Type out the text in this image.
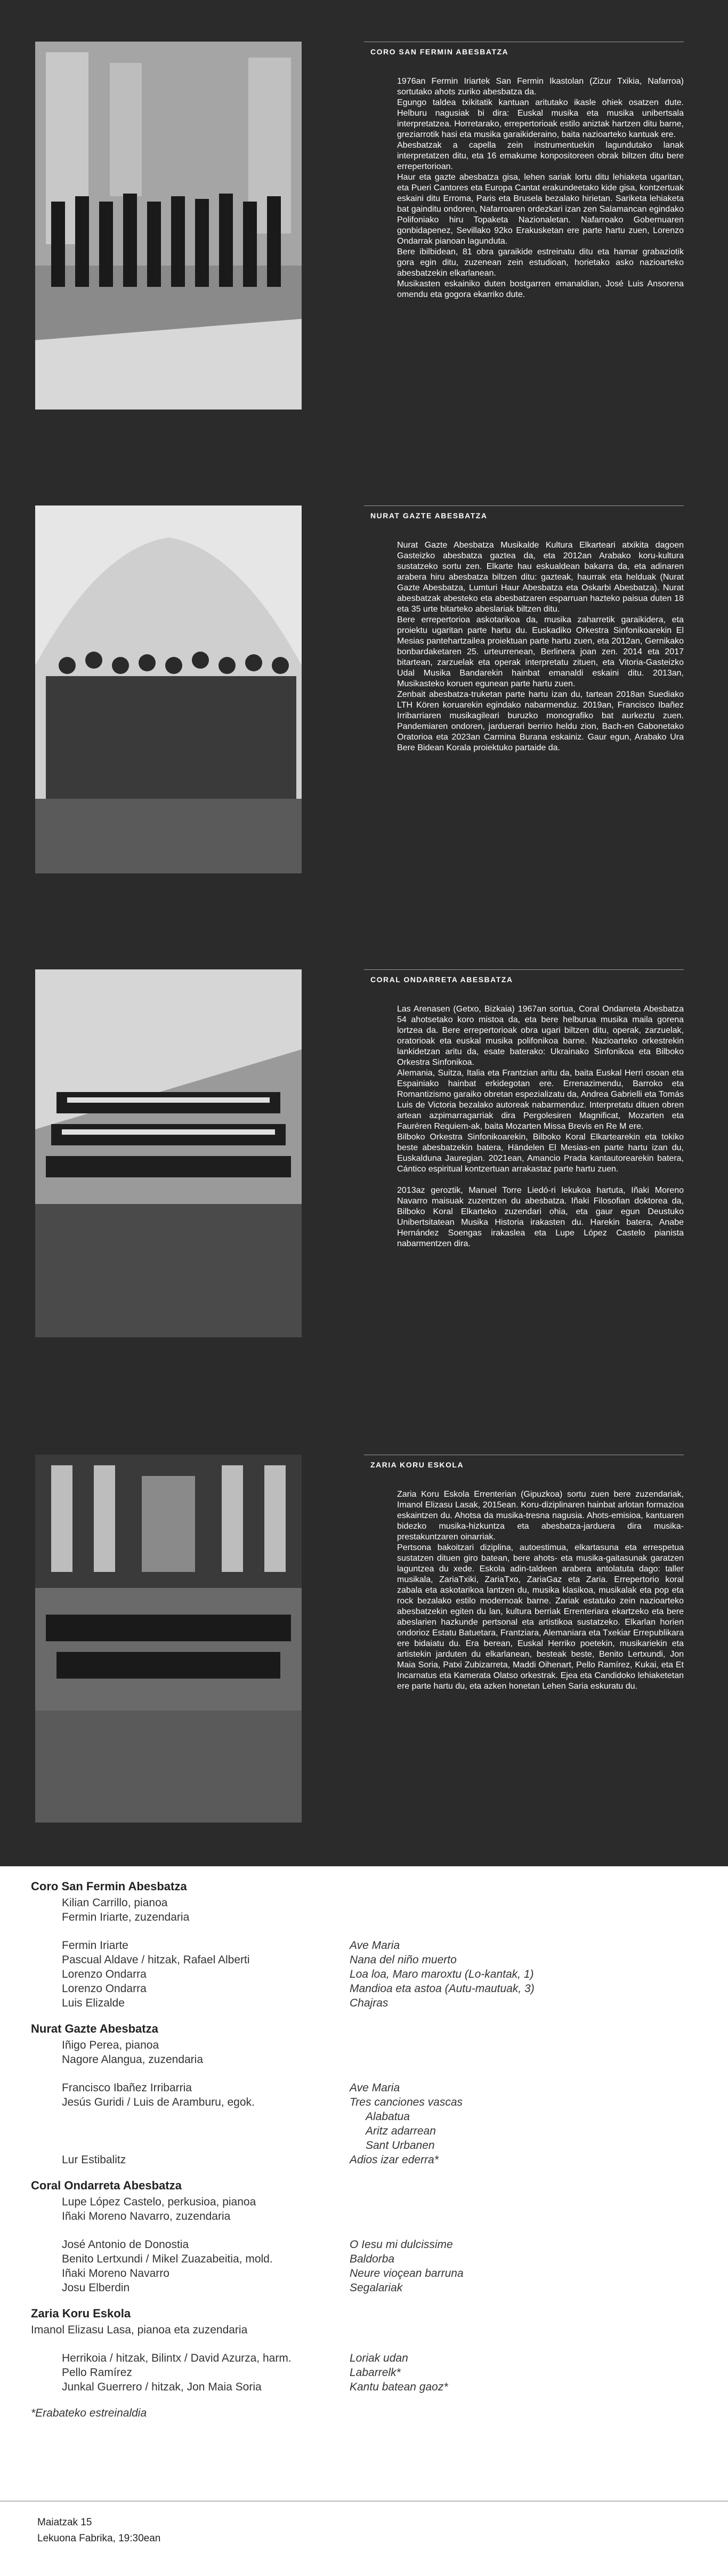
CORO SAN FERMIN ABESBATZA

1976an Fermin Iriartek San Fermin Ikastolan (Zizur Txikia, Nafarroa) sortutako ahots zuriko abesbatza da.

Egungo taldea txikitatik kantuan aritutako ikasle ohiek osatzen dute. Helburu nagusiak bi dira: Euskal musika eta musika unibertsala interpretatzea. Horretarako, errepertorioak estilo aniztak hartzen ditu barne, greziarrotik hasi eta musika garaikideraino, baita nazioarteko kantuak ere.

Abesbatzak a capella zein instrumentuekin lagundutako lanak interpretatzen ditu, eta 16 emakume konpositoreen obrak biltzen ditu bere errepertorioan.

Haur eta gazte abesbatza gisa, lehen sariak lortu ditu lehiaketa ugaritan, eta Pueri Cantores eta Europa Cantat erakundeetako kide gisa, kontzertuak eskaini ditu Erroma, Paris eta Bruselа bezalako hirietan. Sariketa lehiaketa bat gainditu ondoren, Nafarroaren ordezkari izan zen Salamancan egindako Polifoniako hiru Topaketa Nazionaletan. Nafarroako Gobernuaren gonbidapenez, Sevillako 92ko Erakusketan ere parte hartu zuen, Lorenzo Ondarrak pianoan lagunduta.

Bere ibilbidean, 81 obra garaikide estreinatu ditu eta hamar grabaziotik gora egin ditu, zuzenean zein estudioan, horietako asko nazioarteko abesbatzekin elkarlanean.

Musikasten eskainiko duten bostgarren emanaldian, José Luis Ansorena omendu eta gogora ekarriko dute.

NURAT GAZTE ABESBATZA

Nurat Gazte Abesbatza Musikalde Kultura Elkarteari atxikita dagoen Gasteizko abesbatza gaztea da, eta 2012an Arabako koru-kultura sustatzeko sortu zen. Elkarte hau eskualdean bakarra da, eta adinaren arabera hiru abesbatza biltzen ditu: gazteak, haurrak eta helduak (Nurat Gazte Abesbatza, Lumturi Haur Abesbatza eta Oskarbi Abesbatza). Nurat abesbatzak abesteko eta abesbatzaren esparruan hazteko paisua duten 18 eta 35 urte bitarteko abeslariak biltzen ditu.

Bere errepertorioa askotarikoa da, musika zaharretik garaikidera, eta proiektu ugaritan parte hartu du. Euskadiko Orkestra Sinfonikoarekin El Mesias pantehartzaileа proiektuan parte hartu zuen, eta 2012an, Gernikako bonbardaketaren 25. urteurrenean, Berlinera joan zen. 2014 eta 2017 bitartean, zarzuelak eta operak interpretatu zituen, eta Vitoria-Gasteizko Udal Musika Bandarekin hainbat emanaldi eskaini ditu. 2013an, Musikastekо koruen egunean parte hartu zuen.

Zenbait abesbatza-truketan parte hartu izan du, tartean 2018an Suediako LTH Kören koruarekin egindako nabarmenduz. 2019an, Francisco Ibañez Irribarriaren musikagileari buruzko monografiko bat aurkeztu zuen. Pandemiaren ondoren, jarduerari berriro heldu zion, Bach-en Gabonetako Oratorioa eta 2023an Carmina Burana eskainiz. Gaur egun, Arabako Ura Bere Bidean Korala proiektuko partaide da.

CORAL ONDARRETA ABESBATZA

Las Arenasen (Getxo, Bizkaia) 1967an sortua, Coral Ondarreta Abesbatza 54 ahotsetako koro mistoa da, eta bere helburua musika maila gorena lortzea da. Bere errepertorioak obra ugari biltzen ditu, operak, zarzuelak, oratorioak eta euskal musika polifonikoa barne. Nazioarteko orkestrekin lankidetzan aritu da, esate baterako: Ukrainako Sinfonikoa eta Bilboko Orkestra Sinfonikoa.

Alemania, Suitza, Italia eta Frantzian aritu da, baita Euskal Herri osoan eta Espainiako hainbat erkidegotan ere. Errenazimendu, Barroko eta Romantizismo garaiko obretan espezializatu da, Andrea Gabrielli eta Tomás Luis de Victoria bezalako autoreak nabarmenduz. Interpretatu dituen obren artean azpimarragarriak dira Pergolesiren Magnificat, Mozarten eta Fauréren Requiem-ak, baita Mozarten Missa Brevis en Re M ere.

Bilboko Orkestra Sinfonikoarekin, Bilboko Koral Elkartearekin eta tokiko beste abesbatzekin batera, Händelen El Mesias-en parte hartu izan du, Euskalduna Jauregian. 2021ean, Amancio Prada kantautorearekin batera, Cántico espiritual kontzertuan arrakastaz parte hartu zuen.

2013az geroztik, Manuel Torre Liedó-ri lekukoa hartuta, Iñaki Moreno Navarro maisuak zuzentzen du abesbatza. Iñaki Filosofian doktorea da, Bilboko Koral Elkarteko zuzendari ohia, eta gaur egun Deustuko Unibertsitateаn Musika Historia irakasten du. Harekin batera, Anabe Hernández Soengas irakaslea eta Lupe López Castelo pianista nabarmentzen dira.

ZARIA KORU ESKOLA

Zaria Koru Eskola Errenterian (Gipuzkoa) sortu zuen bere zuzendariak, Imanol Elizasu Lasak, 2015ean. Koru-diziplinaren hainbat arlotan formazioa eskaintzen du. Ahotsa da musika-tresna nagusia. Ahots-emisioa, kantuaren bidezko musika-hizkuntza eta abesbatza-jarduera dira musika-prestakuntzaren oinarriak.

Pertsona bakoitzari diziplina, autoestimua, elkartasuna eta errespetua sustatzen dituen giro batean, bere ahots- eta musika-gaitasunak garatzen laguntzea du xede. Eskola adin-taldeen arabera antolatuta dago: taller musikala, ZariaTxiki, ZariaTxo, ZariaGaz eta Zaria. Errepertorio koral zabala eta askotarikoa lantzen du, musika klasikoa, musikalak eta pop eta rock bezalako estilo modernoak barne. Zariak estatuko zein nazioarteko abesbatzekin egiten du lan, kultura berriak Errenteriara ekartzeko eta bere abeslarien hazkunde pertsonal eta artistikoa sustatzeko. Elkarlan horien ondorioz Estatu Batuetara, Frantziara, Alemaniara eta Txekiar Errepublikara ere bidaiatu du. Era berean, Euskal Herriko poetekin, musikariekin eta artistekin jarduten du elkarlanean, besteak beste, Benito Lertxundi, Jon Maia Soria, Patxi Zubizarreta, Maddi Oihenart, Pello Ramírez, Kukai, eta Et Incarnatus eta Kamerata Olatso orkestrak. Ejea eta Candidoko lehiaketetan ere parte hartu du, eta azken honetan Lehen Saria eskuratu du.

Coro San Fermin Abesbatza
Kilian Carrillo, pianoa
Fermin Iriarte, zuzendaria
Fermin Iriarte	Ave Maria
Pascual Aldave / hitzak, Rafael Alberti	Nana del niño muerto
Lorenzo Ondarra	Loa loa, Maro maroxtu (Lo-kantak, 1)
Lorenzo Ondarra	Mandioa eta astoa (Autu-mautuak, 3)
Luis Elizalde	Chajras
Nurat Gazte Abesbatza
Iñigo Perea, pianoa
Nagore Alangua, zuzendaria
Francisco Ibañez Irribarria	Ave Maria
Jesús Guridi / Luis de Aramburu, egok.	Tres canciones vascas
Alabatua
Aritz adarrean
Sant Urbanen
Lur Estibalitz	Adios izar ederra*
Coral Ondarreta Abesbatza
Lupe López Castelo, perkusioa, pianoa
Iñaki Moreno Navarro, zuzendaria
José Antonio de Donostia	O Iesu mi dulcissime
Benito Lertxundi / Mikel Zuazabeitia, mold.	Baldorba
Iñaki Moreno Navarro	Neure vioçean barruna
Josu Elberdin	Segalariak
Zaria Koru Eskola
Imanol Elizasu Lasa, pianoa eta zuzendaria
Herrikoia / hitzak, Bilintx / David Azurza, harm.	Loriak udan
Pello Ramírez	Labarrelk*
Junkal Guerrero / hitzak, Jon Maia Soria	Kantu batean gaoz*
*Erabateko estreinaldia
Maiatzak 15
Lekuona Fabrika, 19:30ean
